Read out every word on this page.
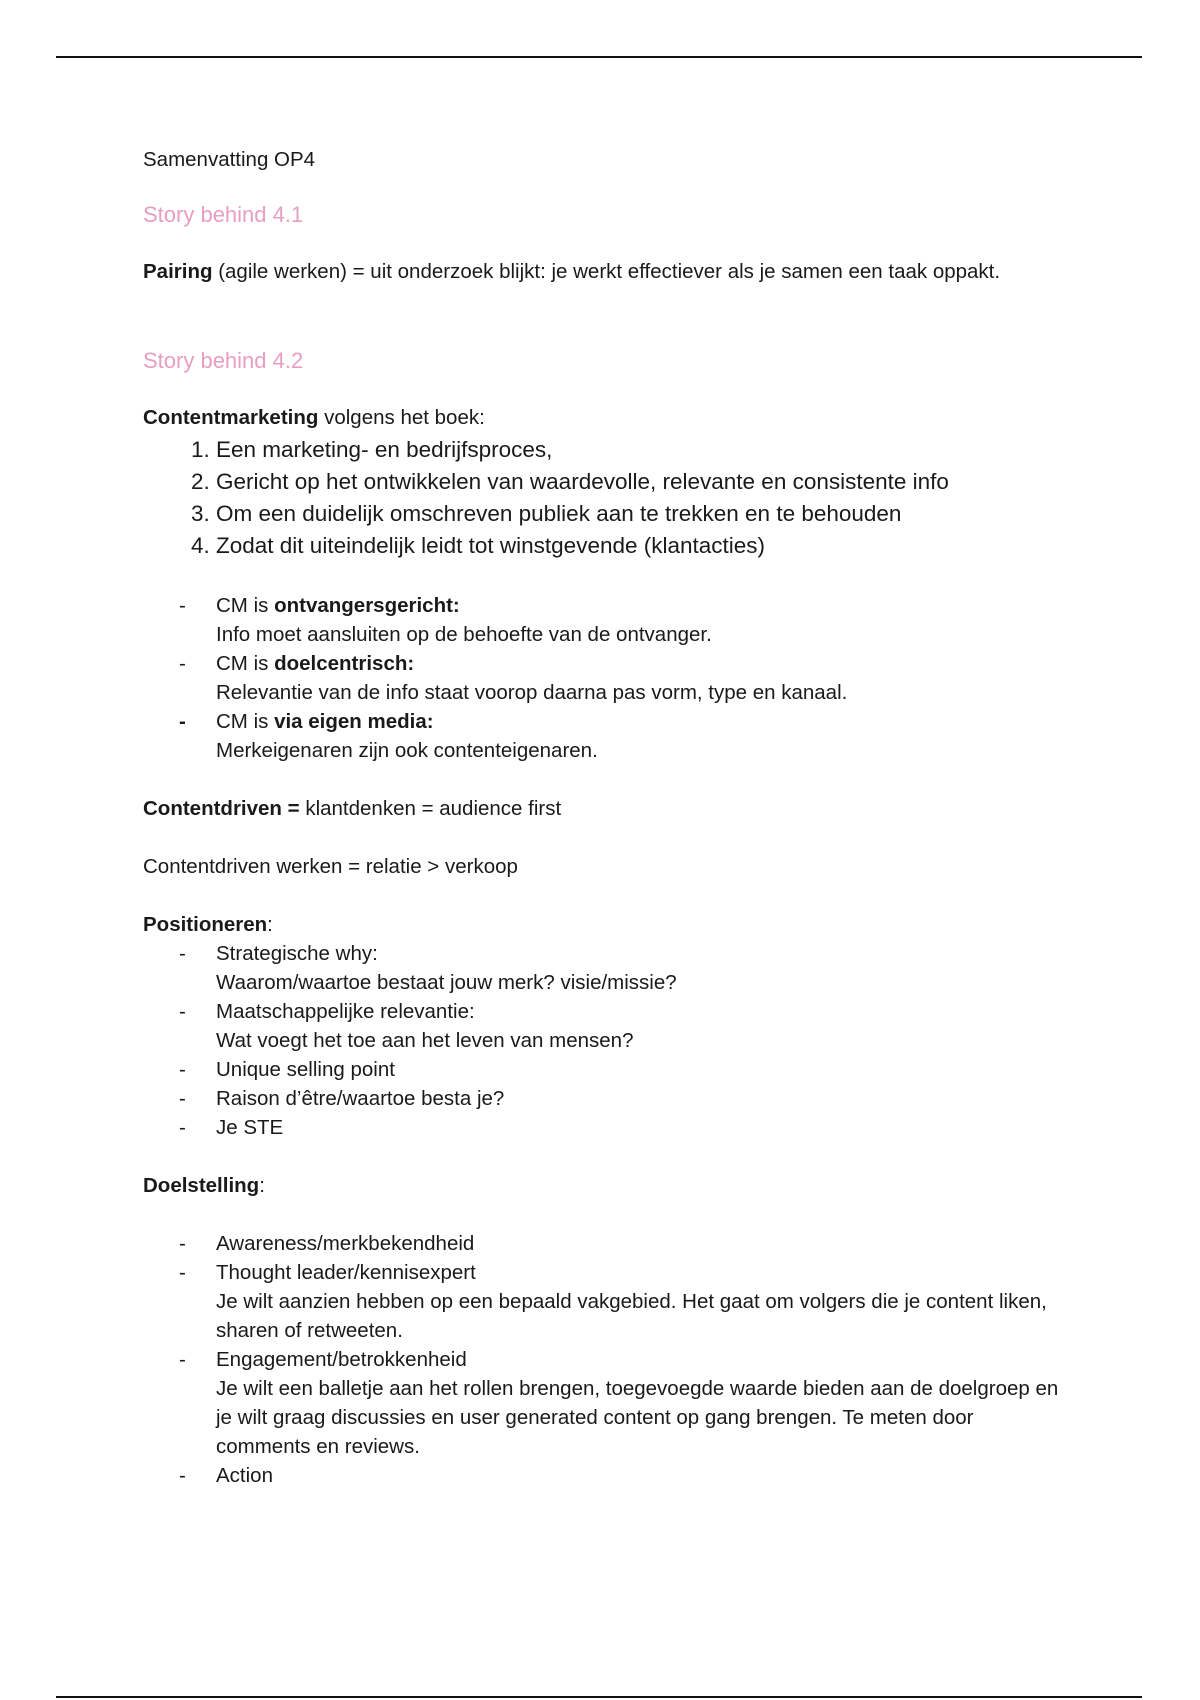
Samenvatting OP4

Story behind 4.1

Pairing (agile werken) = uit onderzoek blijkt: je werkt effectiever als je samen een taak oppakt.

Story behind 4.2

Contentmarketing volgens het boek:

1. Een marketing- en bedrijfsproces,
2. Gericht op het ontwikkelen van waardevolle, relevante en consistente info
3. Om een duidelijk omschreven publiek aan te trekken en te behouden
4. Zodat dit uiteindelijk leidt tot winstgevende (klantacties)
- CM is ontvangersgericht:
Info moet aansluiten op de behoefte van de ontvanger.
- CM is doelcentrisch:
Relevantie van de info staat voorop daarna pas vorm, type en kanaal.
- CM is via eigen media:
Merkeigenaren zijn ook contenteigenaren.

Contentdriven = klantdenken = audience first

Contentdriven werken = relatie > verkoop

Positioneren:

- Strategische why:
Waarom/waartoe bestaat jouw merk? visie/missie?
- Maatschappelijke relevantie:
Wat voegt het toe aan het leven van mensen?
- Unique selling point
- Raison d’être/waartoe besta je?
- Je STE

Doelstelling:

- Awareness/merkbekendheid
- Thought leader/kennisexpert
Je wilt aanzien hebben op een bepaald vakgebied. Het gaat om volgers die je content liken, sharen of retweeten.
- Engagement/betrokkenheid
Je wilt een balletje aan het rollen brengen, toegevoegde waarde bieden aan de doelgroep en je wilt graag discussies en user generated content op gang brengen. Te meten door comments en reviews.
- Action
